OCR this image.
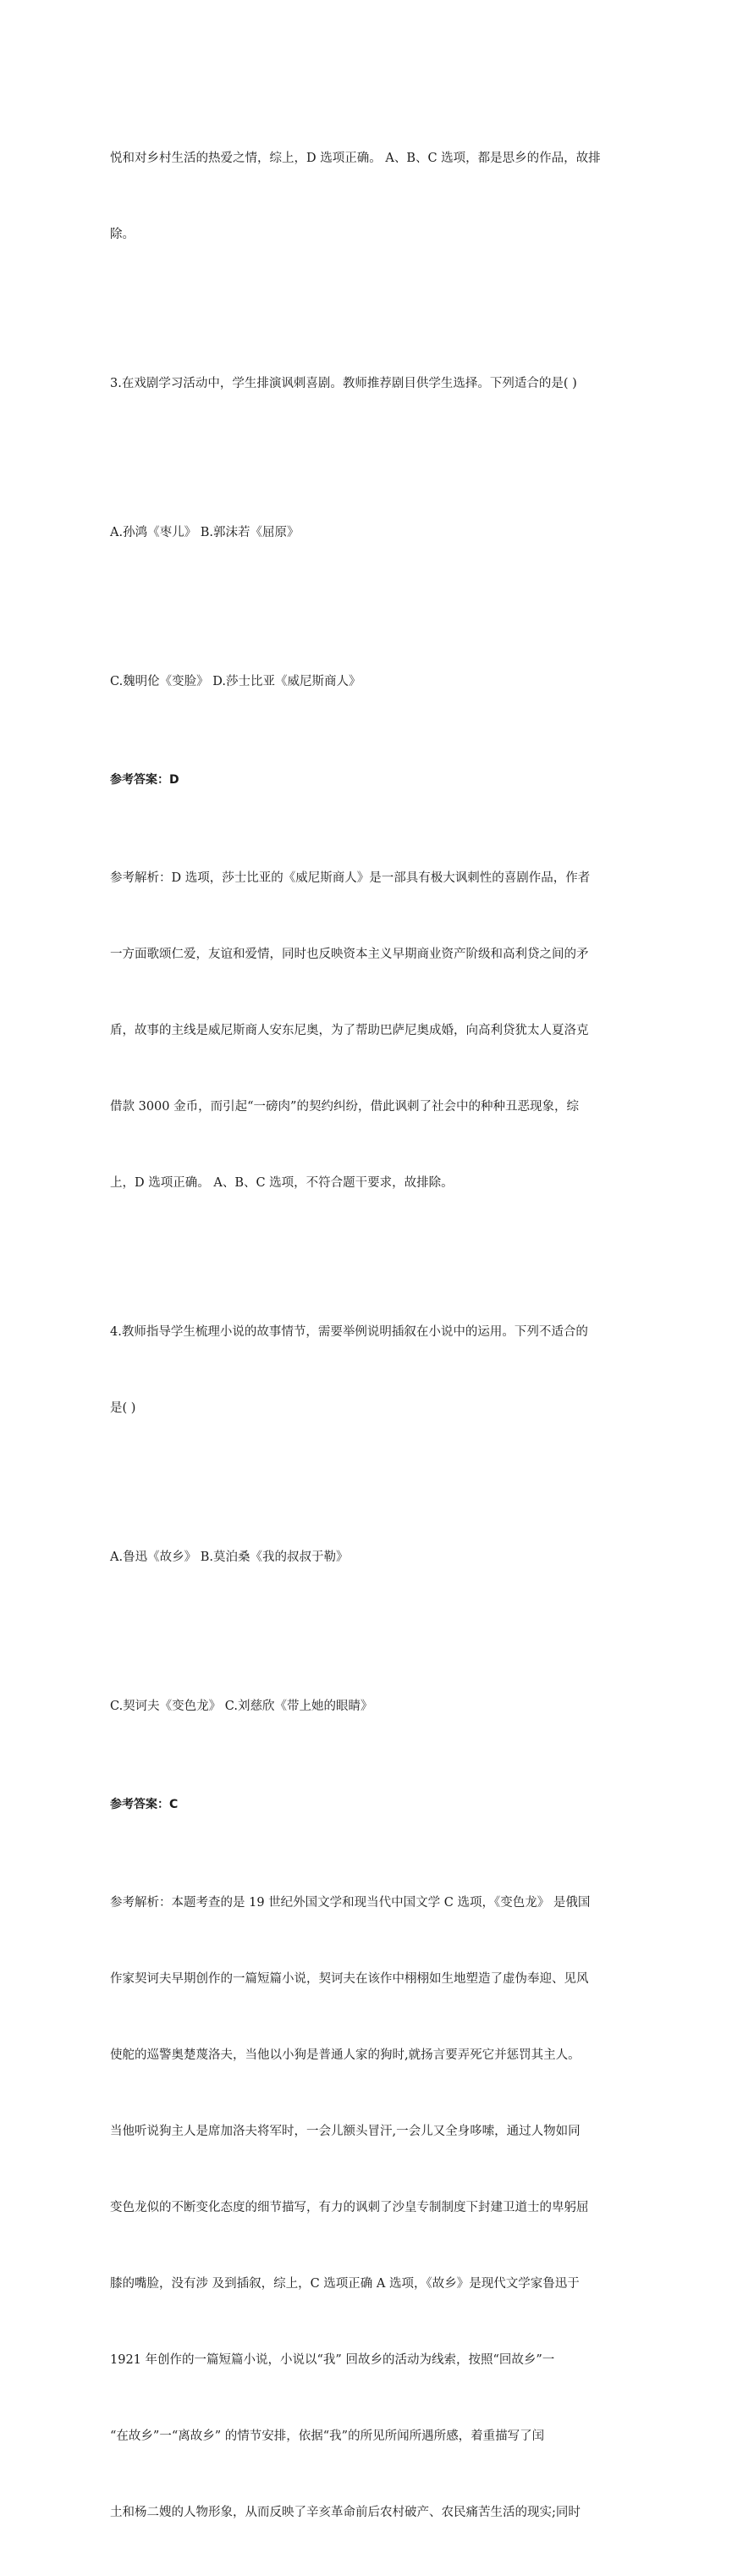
悦和对乡村生活的热爱之情，综上，D 选项正确。 A、B、C 选项，都是思乡的作品，故排

除。

3.在戏剧学习活动中，学生排演讽刺喜剧。教师推荐剧目供学生选择。下列适合的是( )

A.孙鸿《枣儿》 B.郭沫若《屈原》

C.魏明伦《变脸》 D.莎士比亚《威尼斯商人》

参考答案：D

参考解析：D 选项，莎士比亚的《威尼斯商人》是一部具有极大讽刺性的喜剧作品，作者

一方面歌颂仁爱，友谊和爱情，同时也反映资本主义早期商业资产阶级和高利贷之间的矛

盾，故事的主线是威尼斯商人安东尼奥，为了帮助巴萨尼奥成婚，向高利贷犹太人夏洛克

借款 3000 金币，而引起“一磅肉”的契约纠纷，借此讽刺了社会中的种种丑恶现象，综

上，D 选项正确。 A、B、C 选项，不符合题干要求，故排除。

4.教师指导学生梳理小说的故事情节，需要举例说明插叙在小说中的运用。下列不适合的

是( )

A.鲁迅《故乡》 B.莫泊桑《我的叔叔于勒》

C.契诃夫《变色龙》 C.刘慈欣《带上她的眼睛》

参考答案：C

参考解析：本题考查的是 19 世纪外国文学和现当代中国文学 C 选项，《变色龙》 是俄国

作家契诃夫早期创作的一篇短篇小说，契诃夫在该作中栩栩如生地塑造了虚伪奉迎、见风

使舵的巡警奥楚蔑洛夫，当他以小狗是普通人家的狗时,就扬言要弄死它并惩罚其主人。

当他听说狗主人是席加洛夫将军时，一会儿额头冒汗,一会儿又全身哆嗦，通过人物如同

变色龙似的不断变化态度的细节描写，有力的讽刺了沙皇专制制度下封建卫道士的卑躬屈

膝的嘴脸，没有涉 及到插叙，综上，C 选项正确 A 选项，《故乡》是现代文学家鲁迅于

1921 年创作的一篇短篇小说，小说以“我” 回故乡的活动为线索，按照“回故乡”一

“在故乡”一“离故乡” 的情节安排，依据“我”的所见所闻所遇所感，着重描写了闰

土和杨二嫂的人物形象，从而反映了辛亥革命前后农村破产、农民痛苦生活的现实;同时
